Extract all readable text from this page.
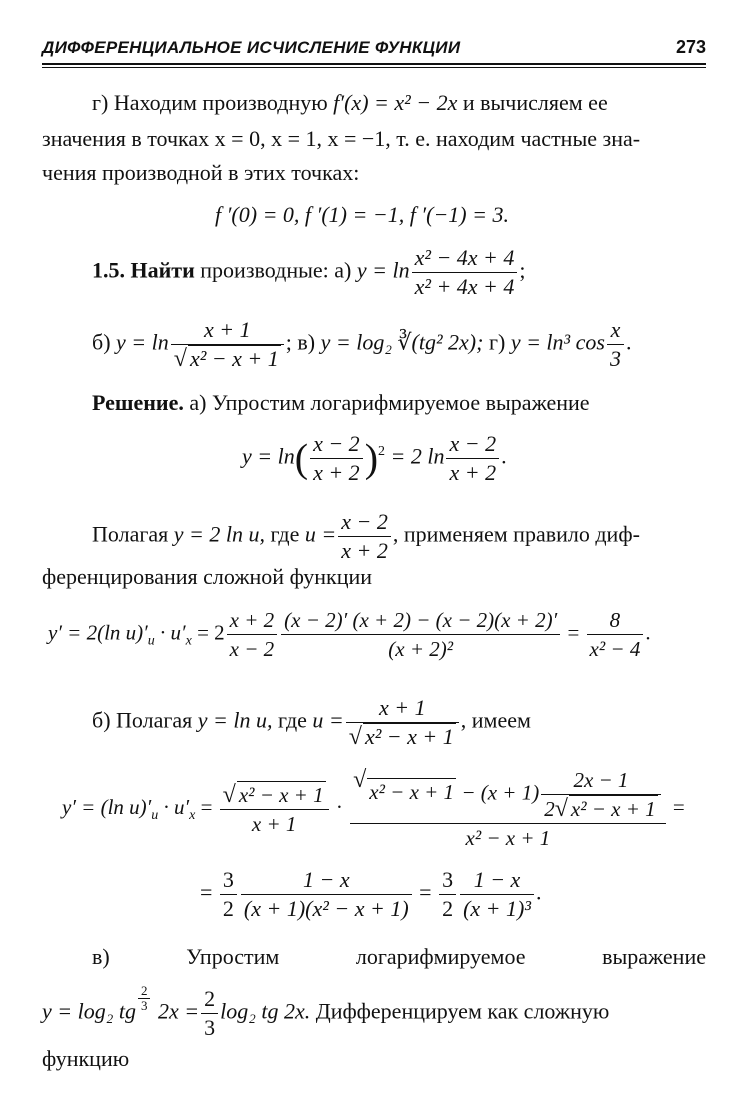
ДИФФЕРЕНЦИАЛЬНОЕ ИСЧИСЛЕНИЕ ФУНКЦИИ	273
г) Находим производную f′(x) = x² − 2x и вычисляем ее
значения в точках x = 0, x = 1, x = −1, т. е. находим частные зна-
чения производной в этих точках:
f ′(0) = 0, f ′(1) = −1, f ′(−1) = 3.
1.5. Найти производные: а) $y = \ln \frac{\text{x² − 4x + 4}}{\text{x² + 4x + 4}}$ ;
б) $y = \ln \frac{x + 1}{\text{√ x² − x + 1}}$ ; в) y = log₂ ∛(tg² 2x); г) y = ln³ $\cos \frac{x}{3}$ .
Решение. а) Упростим логарифмируемое выражение
$y = \ln( \frac{x - 2}{x + 2} )^2 = 2$ $\ln \frac{x - 2}{x + 2}$ .
Полагая y = 2 ln u, где $u = \frac{x - 2}{x + 2}$ , применяем правило диф-
ференцирования сложной функции
y′ = 2(ln $u)'_u \cdot u'_x = 2 \frac{x + 2}{x - 2} \frac{(x - 2)' (x + 2) - (x - 2)(x + 2)'}{\text{(x + 2)²}} = \frac{8}{\text{x² − 4}}$ .
б) Полагая y = ln u, где $u = \frac{x + 1}{\text{√ x² − x + 1}}$ , имеем
y′ = (ln $u)'_u \cdot u'_x = \frac{\text{√ x² − x + 1}}{x + 1} \cdot \frac{√ x^2 - x + 1 - (x + 1) \frac{2x - 1}{\text{2√ x² − x + 1}}}{\text{x² − x + 1}}$ =
= $\frac{3}{2} \frac{1 - x}{\text{(x + 1)(x² − x + 1)}} = \frac{3}{2} \frac{1 - x}{\text{(x + 1)³}}$ .
в)   Упростим   логарифмируемое   выражение
y = log₂ tg $\frac{2}{3} 2x = \frac{2}{3} \log_2$ tg 2x. Дифференцируем как сложную
функцию
